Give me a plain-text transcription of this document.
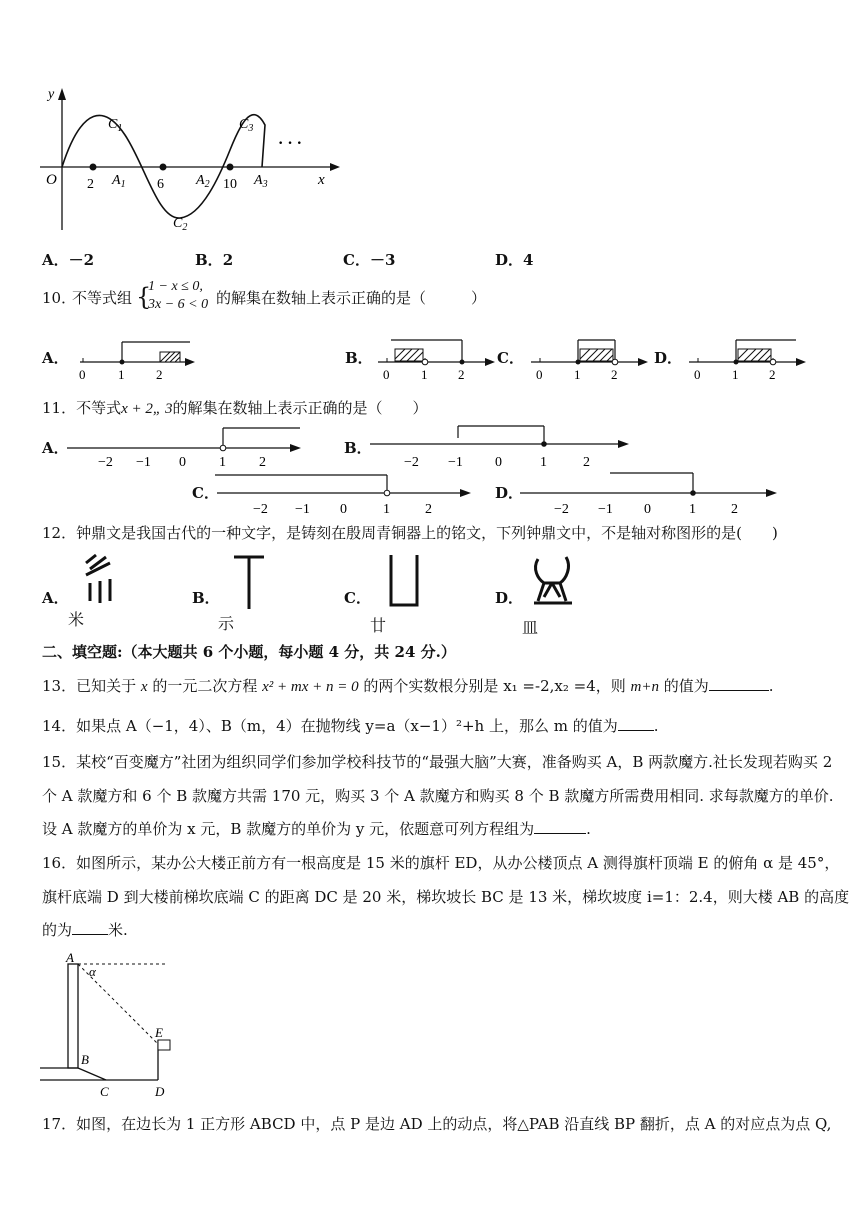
y
x
O 2	6	10
$A_1$	$A_2$	$A_3$
$C_1$
$C_2$
$C_3$
· · ·
A．－2	B．2	C．－3	D．4
10．
不等式组 {
1 − x ≤ 0,
3x − 6 < 0 的解集在数轴上表示正确的是（　　　）
A．
0	1 2
B．
0 1 2
C．
0 1 2
D．
0 1 2
11．不等式x + 2„ 3的解集在数轴上表示正确的是（　　）
A．
−2 −1 0 1 2
B．
−2 −1 0	1	2
C．
−2 −1 0	1	2
D．
−2 −1 0	1	2
12．钟鼎文是我国古代的一种文字，是铸刻在殷周青铜器上的铭文，下列钟鼎文中，不是轴对称图形的是(　　)
A．
米
B．
示
C．
廿
D．
皿
二、填空题:（本大题共 6 个小题，每小题 4 分，共 24 分.）
13．已知关于 x 的一元二次方程 x² + mx + n = 0 的两个实数根分别是 x₁ =-2,x₂ =4，则 m+n 的值为	.
14．如果点 A（−1，4）、B（m，4）在抛物线 y=a（x−1）²+h 上，那么 m 的值为 .
15．某校“百变魔方”社团为组织同学们参加学校科技节的“最强大脑”大赛，准备购买 A，B 两款魔方.社长发现若购买 2
个 A 款魔方和 6 个 B 款魔方共需 170 元，购买 3 个 A 款魔方和购买 8 个 B 款魔方所需费用相同. 求每款魔方的单价.
设 A 款魔方的单价为 x 元，B 款魔方的单价为 y 元，依题意可列方程组为	.
16．如图所示，某办公大楼正前方有一根高度是 15 米的旗杆 ED，从办公楼顶点 A 测得旗杆顶端 E 的俯角 α 是 45°，
旗杆底端 D 到大楼前梯坎底端 C 的距离 DC 是 20 米，梯坎坡长 BC 是 13 米，梯坎坡度 i=1：2.4，则大楼 AB 的高度
的为 米.
A
α
E
B
C	D
17．如图，在边长为 1 正方形 ABCD 中，点 P 是边 AD 上的动点，将△PAB 沿直线 BP 翻折，点 A 的对应点为点 Q,
